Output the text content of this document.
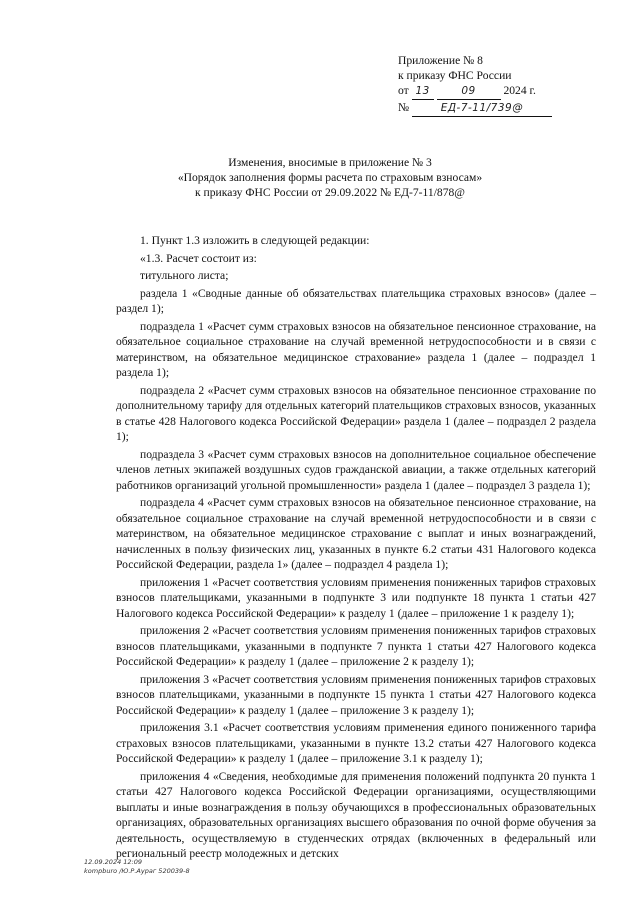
Приложение № 8
к приказу ФНС России
от 13	09 2024 г.
№	ЕД-7-11/739@
Изменения, вносимые в приложение № 3
«Порядок заполнения формы расчета по страховым взносам»
к приказу ФНС России от 29.09.2022 № ЕД-7-11/878@

1. Пункт 1.3 изложить в следующей редакции:

«1.3. Расчет состоит из:

титульного листа;

раздела 1 «Сводные данные об обязательствах плательщика страховых взносов» (далее – раздел 1);

подраздела 1 «Расчет сумм страховых взносов на обязательное пенсионное страхование, на обязательное социальное страхование на случай временной нетрудоспособности и в связи с материнством, на обязательное медицинское страхование» раздела 1 (далее – подраздел 1 раздела 1);

подраздела 2 «Расчет сумм страховых взносов на обязательное пенсионное страхование по дополнительному тарифу для отдельных категорий плательщиков страховых взносов, указанных в статье 428 Налогового кодекса Российской Федерации» раздела 1 (далее – подраздел 2 раздела 1);

подраздела 3 «Расчет сумм страховых взносов на дополнительное социальное обеспечение членов летных экипажей воздушных судов гражданской авиации, а также отдельных категорий работников организаций угольной промышленности» раздела 1 (далее – подраздел 3 раздела 1);

подраздела 4 «Расчет сумм страховых взносов на обязательное пенсионное страхование, на обязательное социальное страхование на случай временной нетрудоспособности и в связи с материнством, на обязательное медицинское страхование с выплат и иных вознаграждений, начисленных в пользу физических лиц, указанных в пункте 6.2 статьи 431 Налогового кодекса Российской Федерации, раздела 1» (далее – подраздел 4 раздела 1);

приложения 1 «Расчет соответствия условиям применения пониженных тарифов страховых взносов плательщиками, указанными в подпункте 3 или подпункте 18 пункта 1 статьи 427 Налогового кодекса Российской Федерации» к разделу 1 (далее – приложение 1 к разделу 1);

приложения 2 «Расчет соответствия условиям применения пониженных тарифов страховых взносов плательщиками, указанными в подпункте 7 пункта 1 статьи 427 Налогового кодекса Российской Федерации» к разделу 1 (далее – приложение 2 к разделу 1);

приложения 3 «Расчет соответствия условиям применения пониженных тарифов страховых взносов плательщиками, указанными в подпункте 15 пункта 1 статьи 427 Налогового кодекса Российской Федерации» к разделу 1 (далее – приложение 3 к разделу 1);

приложения 3.1 «Расчет соответствия условиям применения единого пониженного тарифа страховых взносов плательщиками, указанными в пункте 13.2 статьи 427 Налогового кодекса Российской Федерации» к разделу 1 (далее – приложение 3.1 к разделу 1);

приложения 4 «Сведения, необходимые для применения положений подпункта 20 пункта 1 статьи 427 Налогового кодекса Российской Федерации организациями, осуществляющими выплаты и иные вознаграждения в пользу обучающихся в профессиональных образовательных организациях, образовательных организациях высшего образования по очной форме обучения за деятельность, осуществляемую в студенческих отрядах (включенных в федеральный или региональный реестр молодежных и детских

12.09.2024 12:09
kompburo /Ю.Р.Аураг 520039-8
